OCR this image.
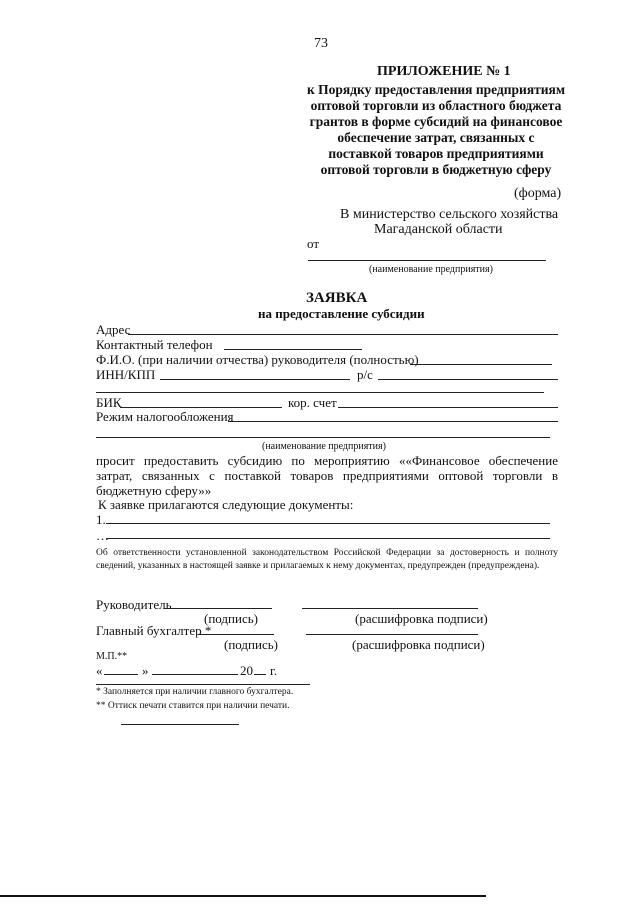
73
ПРИЛОЖЕНИЕ № 1
к Порядку предоставления предприятиям
оптовой торговли из областного бюджета
грантов в форме субсидий на финансовое
обеспечение затрат, связанных с
поставкой товаров предприятиями
оптовой торговли в бюджетную сферу
(форма)
В министерство сельского хозяйства
Магаданской области
от
(наименование предприятия)
ЗАЯВКА
на предоставление субсидии
Адрес
Контактный телефон
Ф.И.О. (при наличии отчества) руководителя (полностью)
ИНН/КПП	р/с
БИК	кор. счет
Режим налогообложения
(наименование предприятия)
просит предоставить субсидию по мероприятию ««Финансовое обеспечение затрат, связанных с поставкой товаров предприятиями оптовой торговли в бюджетную сферу»»
К заявке прилагаются следующие документы:
1.
…
Об ответственности установленной законодательством Российской Федерации за достоверность и полноту сведений, указанных в настоящей заявке и прилагаемых к нему документах, предупрежден (предупреждена).
Руководитель
(подпись)	(расшифровка подписи)
Главный бухгалтер *
(подпись)	(расшифровка подписи)
М.П.**
«	»	20 г.
* Заполняется при наличии главного бухгалтера.
** Оттиск печати ставится при наличии печати.
